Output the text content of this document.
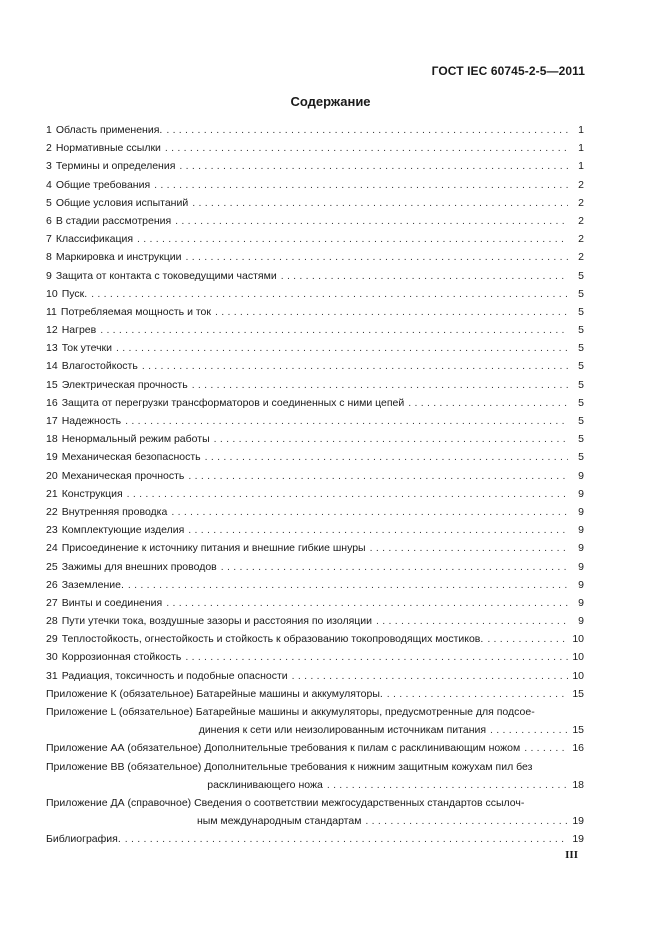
ГОСТ IEC 60745-2-5—2011
Содержание
1 Область применения. . . .	1
2 Нормативные ссылки . . .	1
3 Термины и определения . . .	1
4 Общие требования . . .	2
5 Общие условия испытаний . . .	2
6 В стадии рассмотрения . . .	2
7 Классификация . . .	2
8 Маркировка и инструкции . . .	2
9 Защита от контакта с токоведущими частями . . .	5
10 Пуск. . . .	5
11 Потребляемая мощность и ток . . .	5
12 Нагрев . . .	5
13 Ток утечки . . .	5
14 Влагостойкость . . .	5
15 Электрическая прочность . . .	5
16 Защита от перегрузки трансформаторов и соединенных с ними цепей . . .	5
17 Надежность . . .	5
18 Ненормальный режим работы . . .	5
19 Механическая безопасность . . .	5
20 Механическая прочность . . .	9
21 Конструкция . . .	9
22 Внутренняя проводка . . .	9
23 Комплектующие изделия . . .	9
24 Присоединение к источнику питания и внешние гибкие шнуры . . .	9
25 Зажимы для внешних проводов . . .	9
26 Заземление. . . .	9
27 Винты и соединения . . .	9
28 Пути утечки тока, воздушные зазоры и расстояния по изоляции . . .	9
29 Теплостойкость, огнестойкость и стойкость к образованию токопроводящих мостиков. . . .	10
30 Коррозионная стойкость . . .	10
31 Радиация, токсичность и подобные опасности . . .	10
Приложение К (обязательное) Батарейные машины и аккумуляторы. . . .	15
Приложение L (обязательное) Батарейные машины и аккумуляторы, предусмотренные для подсое-
динения к сети или неизолированным источникам питания . . .	15
Приложение АА (обязательное) Дополнительные требования к пилам с расклинивающим ножом . . .	16
Приложение ВВ (обязательное) Дополнительные требования к нижним защитным кожухам пил без
расклинивающего ножа . . .	18
Приложение ДА (справочное) Сведения о соответствии межгосударственных стандартов ссылоч-
ным международным стандартам . . .	19
Библиография. . . .	19
III
